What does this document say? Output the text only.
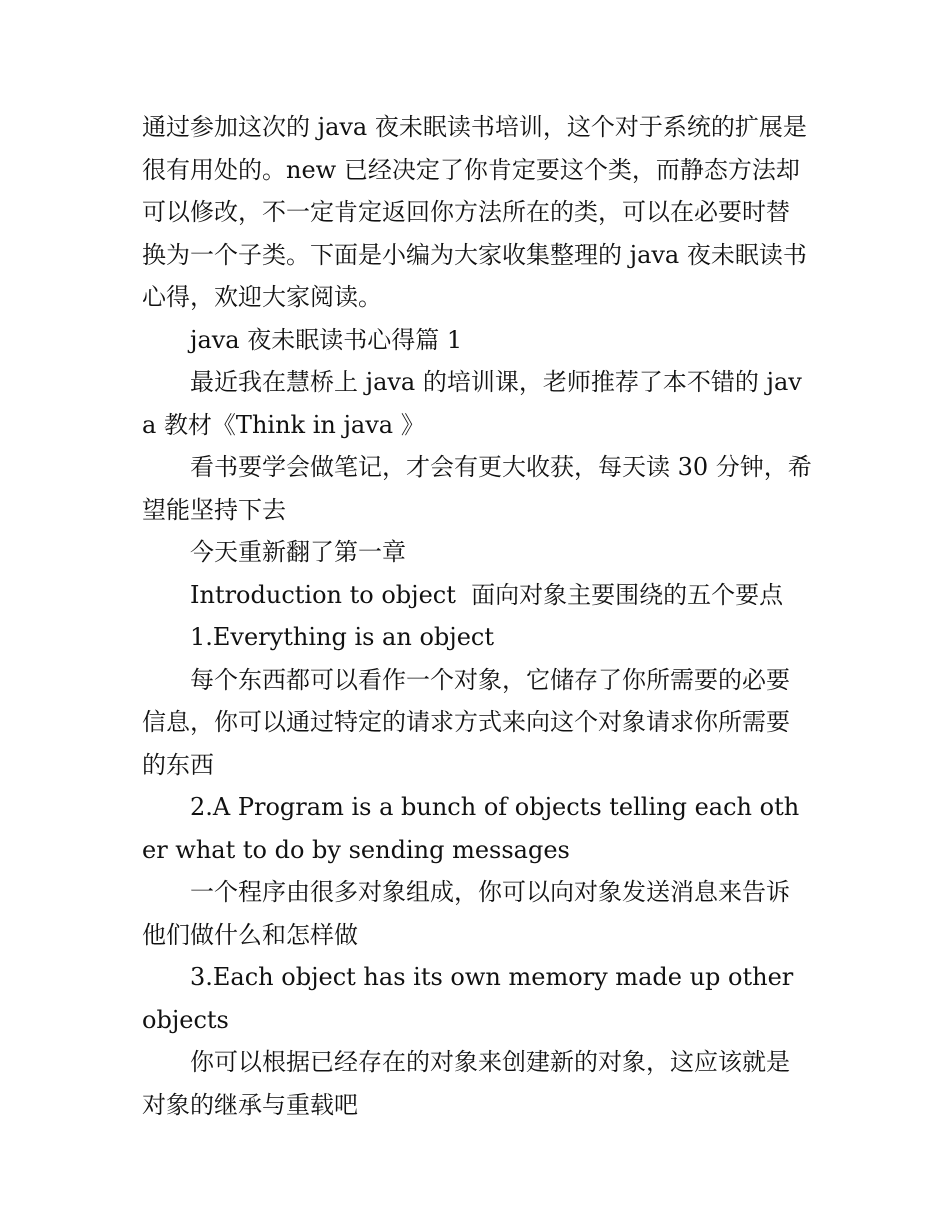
通过参加这次的 java 夜未眠读书培训，这个对于系统的扩展是很有用处的。new 已经决定了你肯定要这个类，而静态方法却可以修改，不一定肯定返回你方法所在的类，可以在必要时替换为一个子类。下面是小编为大家收集整理的 java 夜未眠读书心得，欢迎大家阅读。

java 夜未眠读书心得篇 1

最近我在慧桥上 java 的培训课，老师推荐了本不错的 java 教材《Think in java 》

看书要学会做笔记，才会有更大收获，每天读 30 分钟，希望能坚持下去

今天重新翻了第一章

Introduction to object  面向对象主要围绕的五个要点

1.Everything is an object

每个东西都可以看作一个对象，它储存了你所需要的必要信息，你可以通过特定的请求方式来向这个对象请求你所需要的东西

2.A Program is a bunch of objects telling each other what to do by sending messages

一个程序由很多对象组成，你可以向对象发送消息来告诉他们做什么和怎样做

3.Each object has its own memory made up other objects

你可以根据已经存在的对象来创建新的对象，这应该就是对象的继承与重载吧
